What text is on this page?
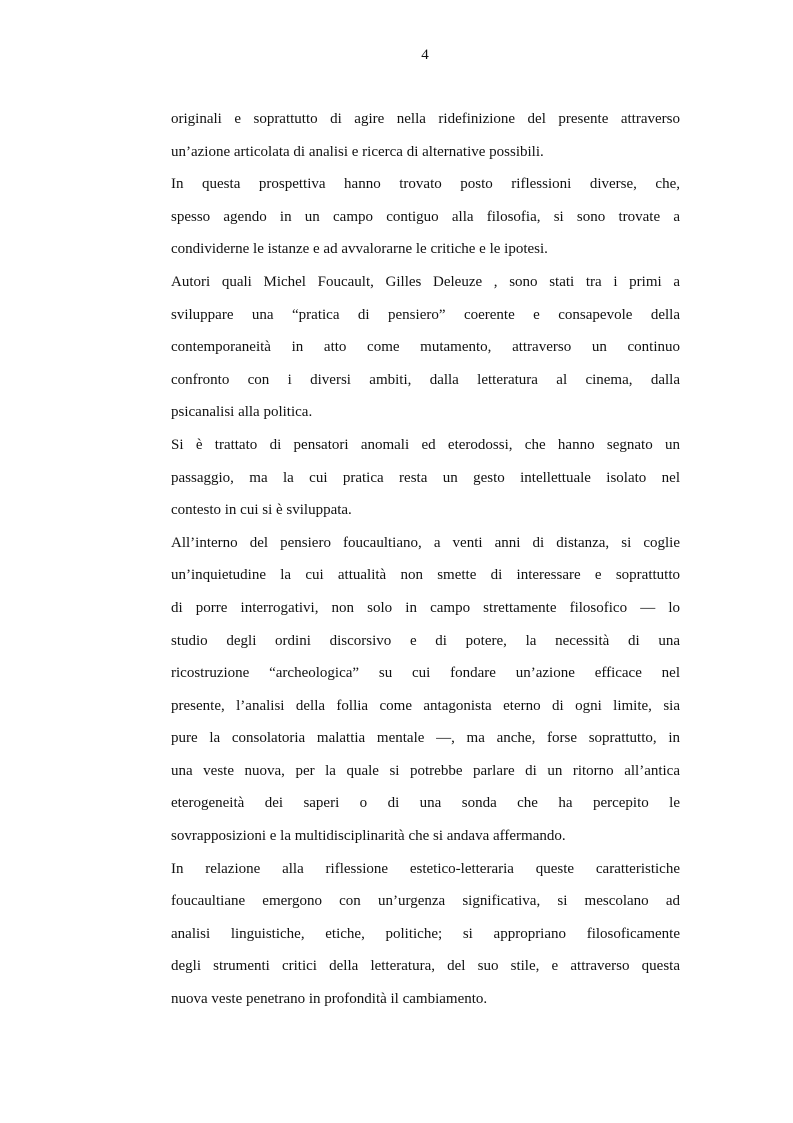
4
originali e soprattutto di agire nella ridefinizione del presente attraverso
un’azione articolata di analisi e ricerca di alternative possibili.
In questa prospettiva hanno trovato posto riflessioni diverse, che,
spesso agendo in un campo contiguo alla filosofia, si sono trovate a
condividerne le istanze e ad avvalorarne le critiche e le ipotesi.
Autori quali Michel Foucault, Gilles Deleuze , sono stati tra i primi a
sviluppare una “pratica di pensiero” coerente e consapevole della
contemporaneità in atto come mutamento, attraverso un continuo
confronto con i diversi ambiti, dalla letteratura al cinema, dalla
psicanalisi alla politica.
Si è trattato di pensatori anomali ed eterodossi, che hanno segnato un
passaggio, ma la cui pratica resta un gesto intellettuale isolato nel
contesto in cui si è sviluppata.
All’interno del pensiero foucaultiano, a venti anni di distanza, si coglie
un’inquietudine la cui attualità non smette di interessare e soprattutto
di porre interrogativi, non solo in campo strettamente filosofico — lo
studio degli ordini discorsivo e di potere, la necessità di una
ricostruzione “archeologica” su cui fondare un’azione efficace nel
presente, l’analisi della follia come antagonista eterno di ogni limite, sia
pure la consolatoria malattia mentale —, ma anche, forse soprattutto, in
una veste nuova, per la quale si potrebbe parlare di un ritorno all’antica
eterogeneità dei saperi o di una sonda che ha percepito le
sovrapposizioni e la multidisciplinarità che si andava affermando.
In relazione alla riflessione estetico-letteraria queste caratteristiche
foucaultiane emergono con un’urgenza significativa, si mescolano ad
analisi linguistiche, etiche, politiche; si appropriano filosoficamente
degli strumenti critici della letteratura, del suo stile, e attraverso questa
nuova veste penetrano in profondità il cambiamento.
